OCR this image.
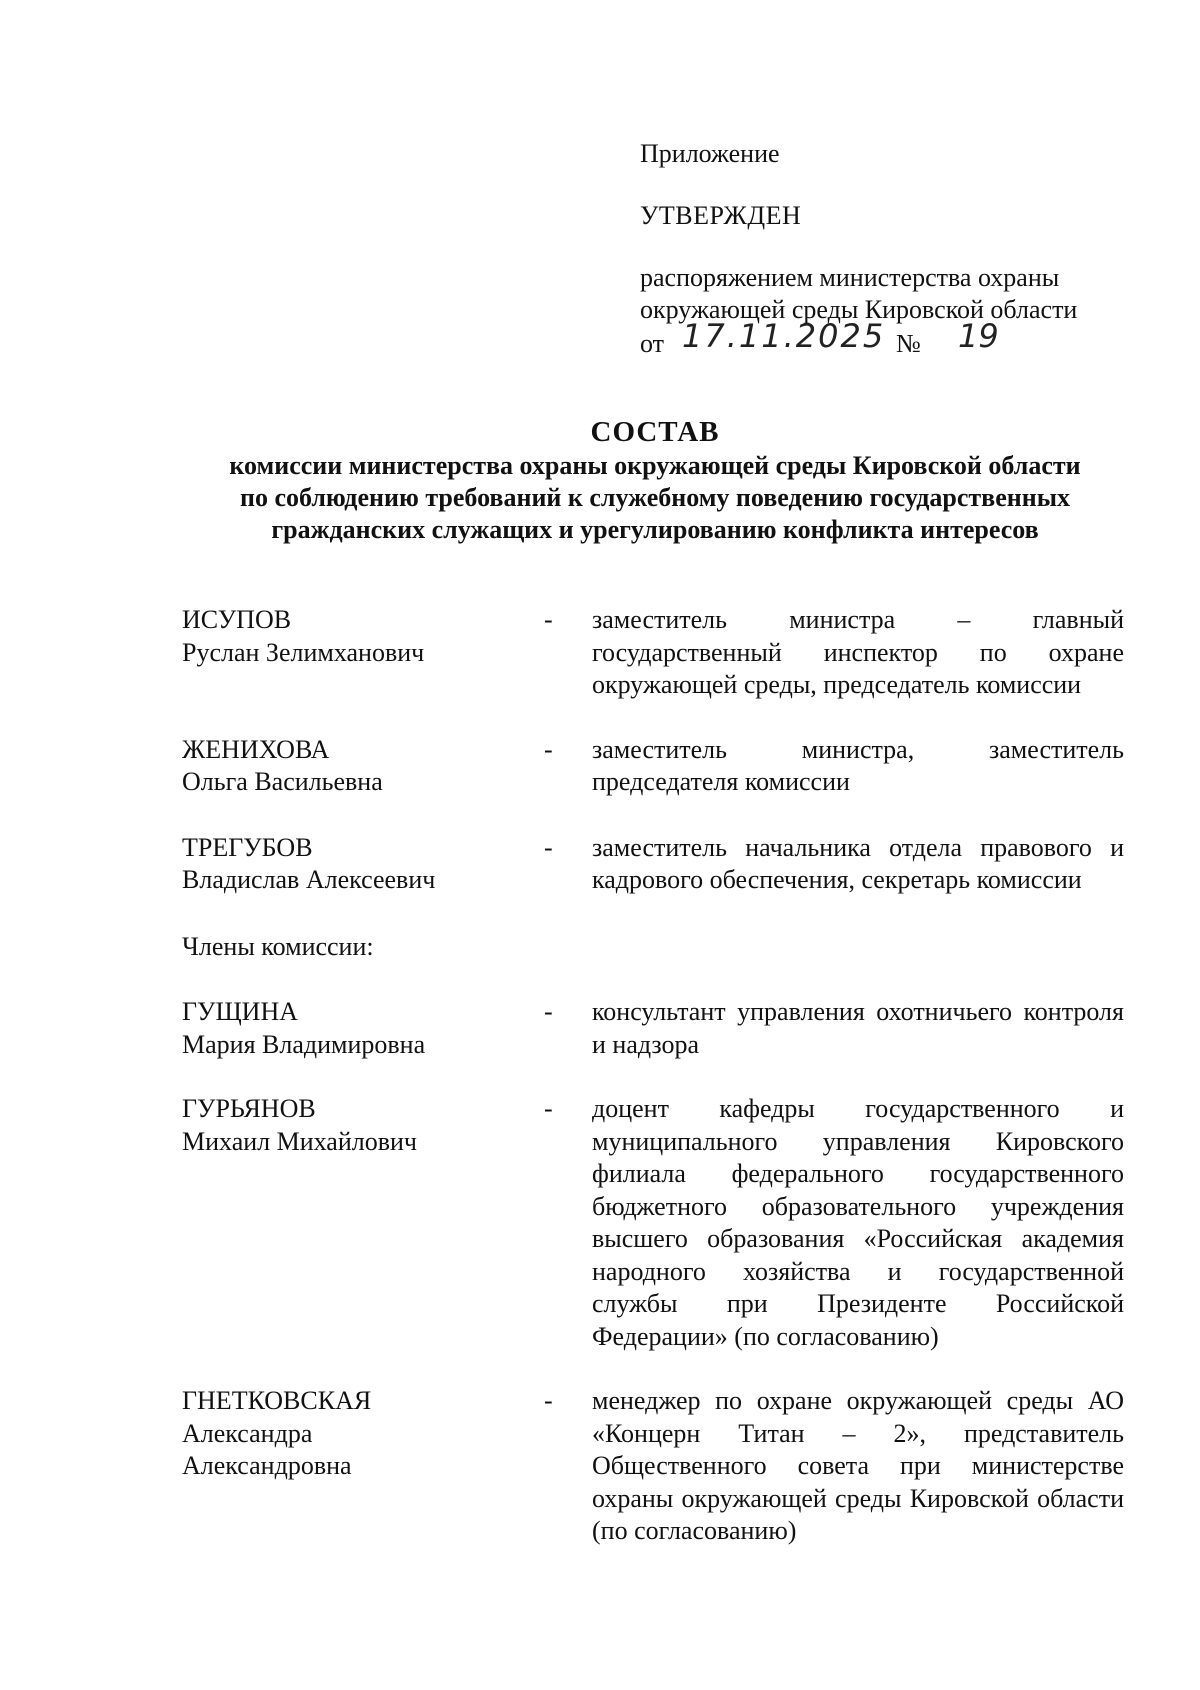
Приложение
УТВЕРЖДЕН
распоряжением министерства охраны
окружающей среды Кировской области
от 17.11.2025 № 19
СОСТАВ
комиссии министерства охраны окружающей среды Кировской области
по соблюдению требований к служебному поведению государственных
гражданских служащих и урегулированию конфликта интересов
ИСУПОВ
Руслан Зелимханович
-	заместитель министра – главный государственный инспектор по охране окружающей среды, председатель комиссии
ЖЕНИХОВА
Ольга Васильевна
-	заместитель министра, заместитель председателя комиссии
ТРЕГУБОВ
Владислав Алексеевич
-	заместитель начальника отдела правового и кадрового обеспечения, секретарь комиссии
Члены комиссии:
ГУЩИНА
Мария Владимировна
-	консультант управления охотничьего контроля и надзора
ГУРЬЯНОВ
Михаил Михайлович
-	доцент кафедры государственного и муниципального управления Кировского филиала федерального государственного бюджетного образовательного учреждения высшего образования «Российская академия народного хозяйства и государственной службы при Президенте Российской Федерации» (по согласованию)
ГНЕТКОВСКАЯ
Александра Александровна
-	менеджер по охране окружающей среды АО «Концерн Титан – 2», представитель Общественного совета при министерстве охраны окружающей среды Кировской области (по согласованию)
